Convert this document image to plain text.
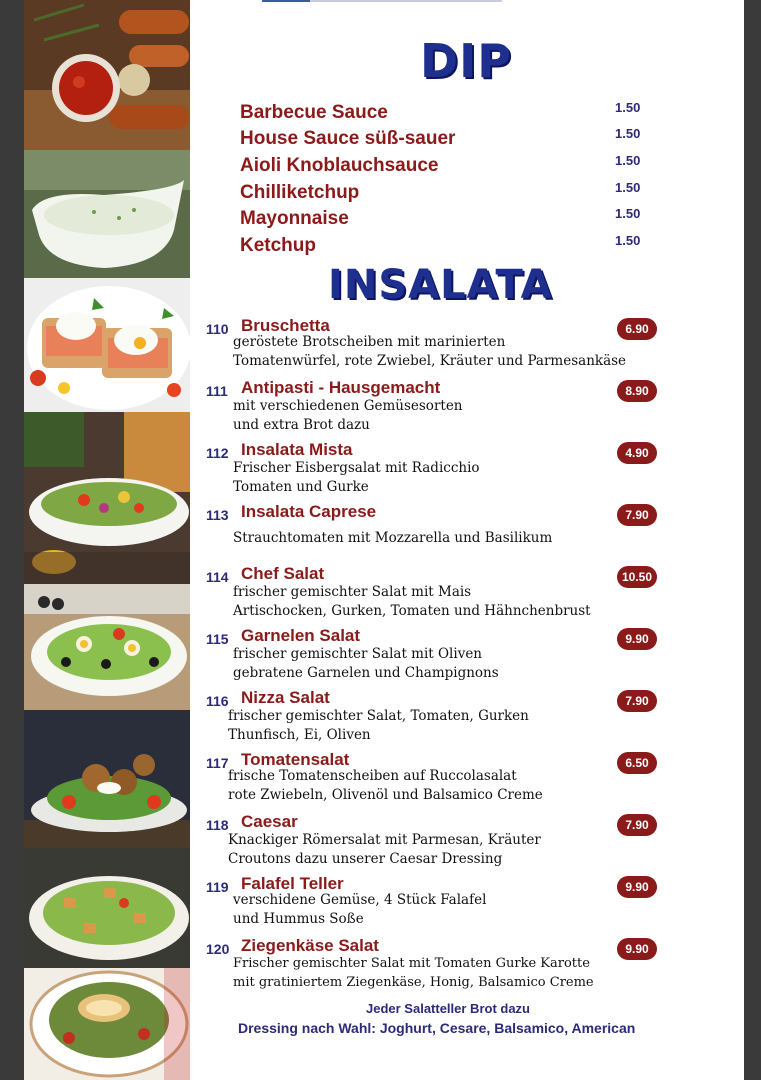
DIP
Barbecue Sauce	1.50
House Sauce süß-sauer	1.50
Aioli Knoblauchsauce	1.50
Chilliketchup	1.50
Mayonnaise	1.50
Ketchup	1.50
INSALATA
110 Bruschetta	6.90
geröstete Brotscheiben mit marinierten
Tomatenwürfel, rote Zwiebel, Kräuter und Parmesankäse
111 Antipasti - Hausgemacht	8.90
mit verschiedenen Gemüsesorten
und extra Brot dazu
112 Insalata Mista	4.90
Frischer Eisbergsalat mit Radicchio
Tomaten und Gurke
113 Insalata Caprese	7.90
Strauchtomaten mit Mozzarella und Basilikum
114 Chef Salat	10.50
frischer gemischter Salat mit Mais
Artischocken, Gurken, Tomaten und Hähnchenbrust
115 Garnelen Salat	9.90
frischer gemischter Salat mit Oliven
gebratene Garnelen und Champignons
116 Nizza Salat	7.90
frischer gemischter Salat, Tomaten, Gurken
Thunfisch, Ei, Oliven
117 Tomatensalat	6.50
frische Tomatenscheiben auf Ruccolasalat
rote Zwiebeln, Olivenöl und Balsamico Creme
118 Caesar	7.90
Knackiger Römersalat mit Parmesan, Kräuter
Croutons dazu unserer Caesar Dressing
119 Falafel Teller	9.90
verschidene Gemüse, 4 Stück Falafel
und Hummus Soße
120 Ziegenkäse Salat	9.90
Frischer gemischter Salat mit Tomaten Gurke Karotte
mit gratiniertem Ziegenkäse, Honig, Balsamico Creme
Jeder Salatteller Brot dazu
Dressing nach Wahl: Joghurt, Cesare, Balsamico, American
